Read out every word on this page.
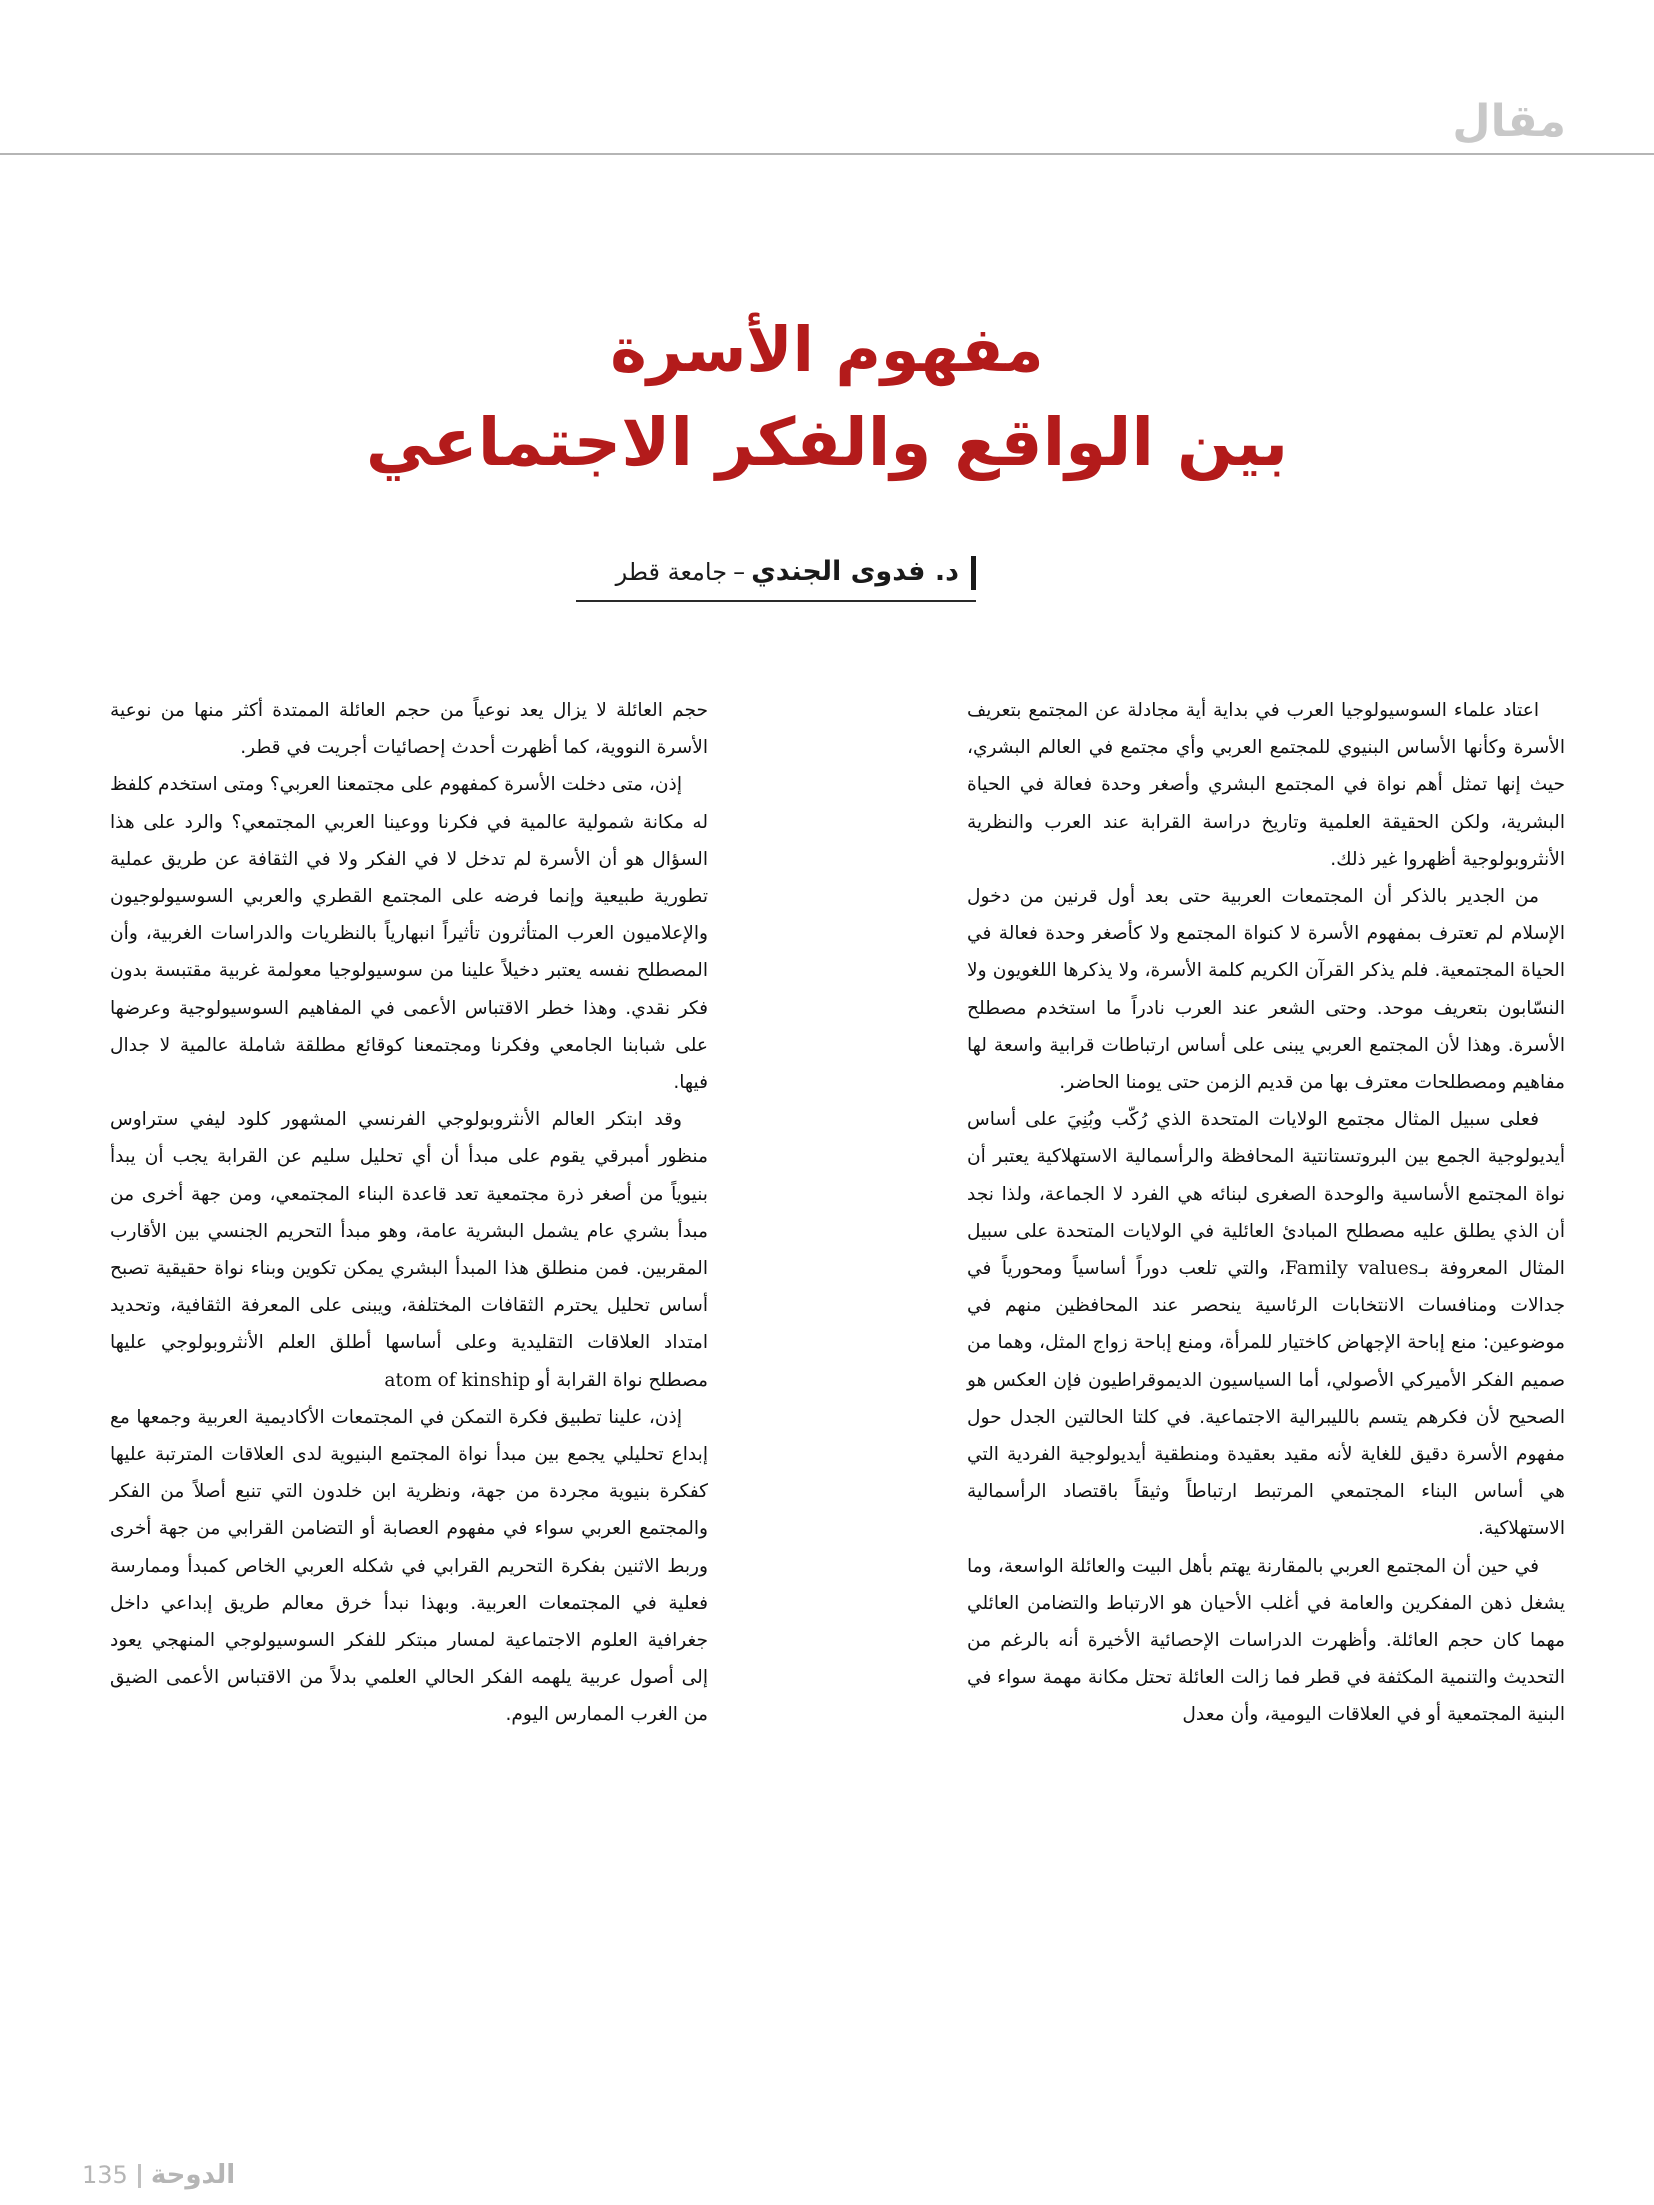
مقال
مفهوم الأسرة
بين الواقع والفكر الاجتماعي
د. فدوى الجندي–جامعة قطر

اعتاد علماء السوسيولوجيا العرب في بداية أية مجادلة عن المجتمع بتعريف الأسرة وكأنها الأساس البنيوي للمجتمع العربي وأي مجتمع في العالم البشري، حيث إنها تمثل أهم نواة في المجتمع البشري وأصغر وحدة فعالة في الحياة البشرية، ولكن الحقيقة العلمية وتاريخ دراسة القرابة عند العرب والنظرية الأنثروبولوجية أظهروا غير ذلك.

من الجدير بالذكر أن المجتمعات العربية حتى بعد أول قرنين من دخول الإسلام لم تعترف بمفهوم الأسرة لا كنواة المجتمع ولا كأصغر وحدة فعالة في الحياة المجتمعية. فلم يذكر القرآن الكريم كلمة الأسرة، ولا يذكرها اللغويون ولا النسّابون بتعريف موحد. وحتى الشعر عند العرب نادراً ما استخدم مصطلح الأسرة. وهذا لأن المجتمع العربي يبنى على أساس ارتباطات قرابية واسعة لها مفاهيم ومصطلحات معترف بها من قديم الزمن حتى يومنا الحاضر.

فعلى سبيل المثال مجتمع الولايات المتحدة الذي رُكّب وبُنِيَ على أساس أيديولوجية الجمع بين البروتستانتية المحافظة والرأسمالية الاستهلاكية يعتبر أن نواة المجتمع الأساسية والوحدة الصغرى لبنائه هي الفرد لا الجماعة، ولذا نجد أن الذي يطلق عليه مصطلح المبادئ العائلية في الولايات المتحدة على سبيل المثال المعروفة بـFamily values، والتي تلعب دوراً أساسياً ومحورياً في جدالات ومنافسات الانتخابات الرئاسية ينحصر عند المحافظين منهم في موضوعين: منع إباحة الإجهاض كاختيار للمرأة، ومنع إباحة زواج المثل، وهما من صميم الفكر الأميركي الأصولي، أما السياسيون الديموقراطيون فإن العكس هو الصحيح لأن فكرهم يتسم بالليبرالية الاجتماعية. في كلتا الحالتين الجدل حول مفهوم الأسرة دقيق للغاية لأنه مقيد بعقيدة ومنطقية أيديولوجية الفردية التي هي أساس البناء المجتمعي المرتبط ارتباطاً وثيقاً باقتصاد الرأسمالية الاستهلاكية.

في حين أن المجتمع العربي بالمقارنة يهتم بأهل البيت والعائلة الواسعة، وما يشغل ذهن المفكرين والعامة في أغلب الأحيان هو الارتباط والتضامن العائلي مهما كان حجم العائلة. وأظهرت الدراسات الإحصائية الأخيرة أنه بالرغم من التحديث والتنمية المكثفة في قطر فما زالت العائلة تحتل مكانة مهمة سواء في البنية المجتمعية أو في العلاقات اليومية، وأن معدل

حجم العائلة لا يزال يعد نوعياً من حجم العائلة الممتدة أكثر منها من نوعية الأسرة النووية، كما أظهرت أحدث إحصائيات أجريت في قطر.

إذن، متى دخلت الأسرة كمفهوم على مجتمعنا العربي؟ ومتى استخدم كلفظ له مكانة شمولية عالمية في فكرنا ووعينا العربي المجتمعي؟ والرد على هذا السؤال هو أن الأسرة لم تدخل لا في الفكر ولا في الثقافة عن طريق عملية تطورية طبيعية وإنما فرضه على المجتمع القطري والعربي السوسيولوجيون والإعلاميون العرب المتأثرون تأثيراً انبهارياً بالنظريات والدراسات الغربية، وأن المصطلح نفسه يعتبر دخيلاً علينا من سوسيولوجيا معولمة غربية مقتبسة بدون فكر نقدي. وهذا خطر الاقتباس الأعمى في المفاهيم السوسيولوجية وعرضها على شبابنا الجامعي وفكرنا ومجتمعنا كوقائع مطلقة شاملة عالمية لا جدال فيها.

وقد ابتكر العالم الأنثروبولوجي الفرنسي المشهور كلود ليفي ستراوس منظور أمبرقي يقوم على مبدأ أن أي تحليل سليم عن القرابة يجب أن يبدأ بنيوياً من أصغر ذرة مجتمعية تعد قاعدة البناء المجتمعي، ومن جهة أخرى من مبدأ بشري عام يشمل البشرية عامة، وهو مبدأ التحريم الجنسي بين الأقارب المقربين. فمن منطلق هذا المبدأ البشري يمكن تكوين وبناء نواة حقيقية تصبح أساس تحليل يحترم الثقافات المختلفة، ويبنى على المعرفة الثقافية، وتحديد امتداد العلاقات التقليدية وعلى أساسها أطلق العلم الأنثروبولوجي عليها مصطلح نواة القرابة أو atom of kinship

إذن، علينا تطبيق فكرة التمكن في المجتمعات الأكاديمية العربية وجمعها مع إبداع تحليلي يجمع بين مبدأ نواة المجتمع البنيوية لدى العلاقات المترتبة عليها كفكرة بنيوية مجردة من جهة، ونظرية ابن خلدون التي تنبع أصلاً من الفكر والمجتمع العربي سواء في مفهوم العصابة أو التضامن القرابي من جهة أخرى وربط الاثنين بفكرة التحريم القرابي في شكله العربي الخاص كمبدأ وممارسة فعلية في المجتمعات العربية. وبهذا نبدأ خرق معالم طريق إبداعي داخل جغرافية العلوم الاجتماعية لمسار مبتكر للفكر السوسيولوجي المنهجي يعود إلى أصول عربية يلهمه الفكر الحالي العلمي بدلاً من الاقتباس الأعمى الضيق من الغرب الممارس اليوم.

135 الدوحة
